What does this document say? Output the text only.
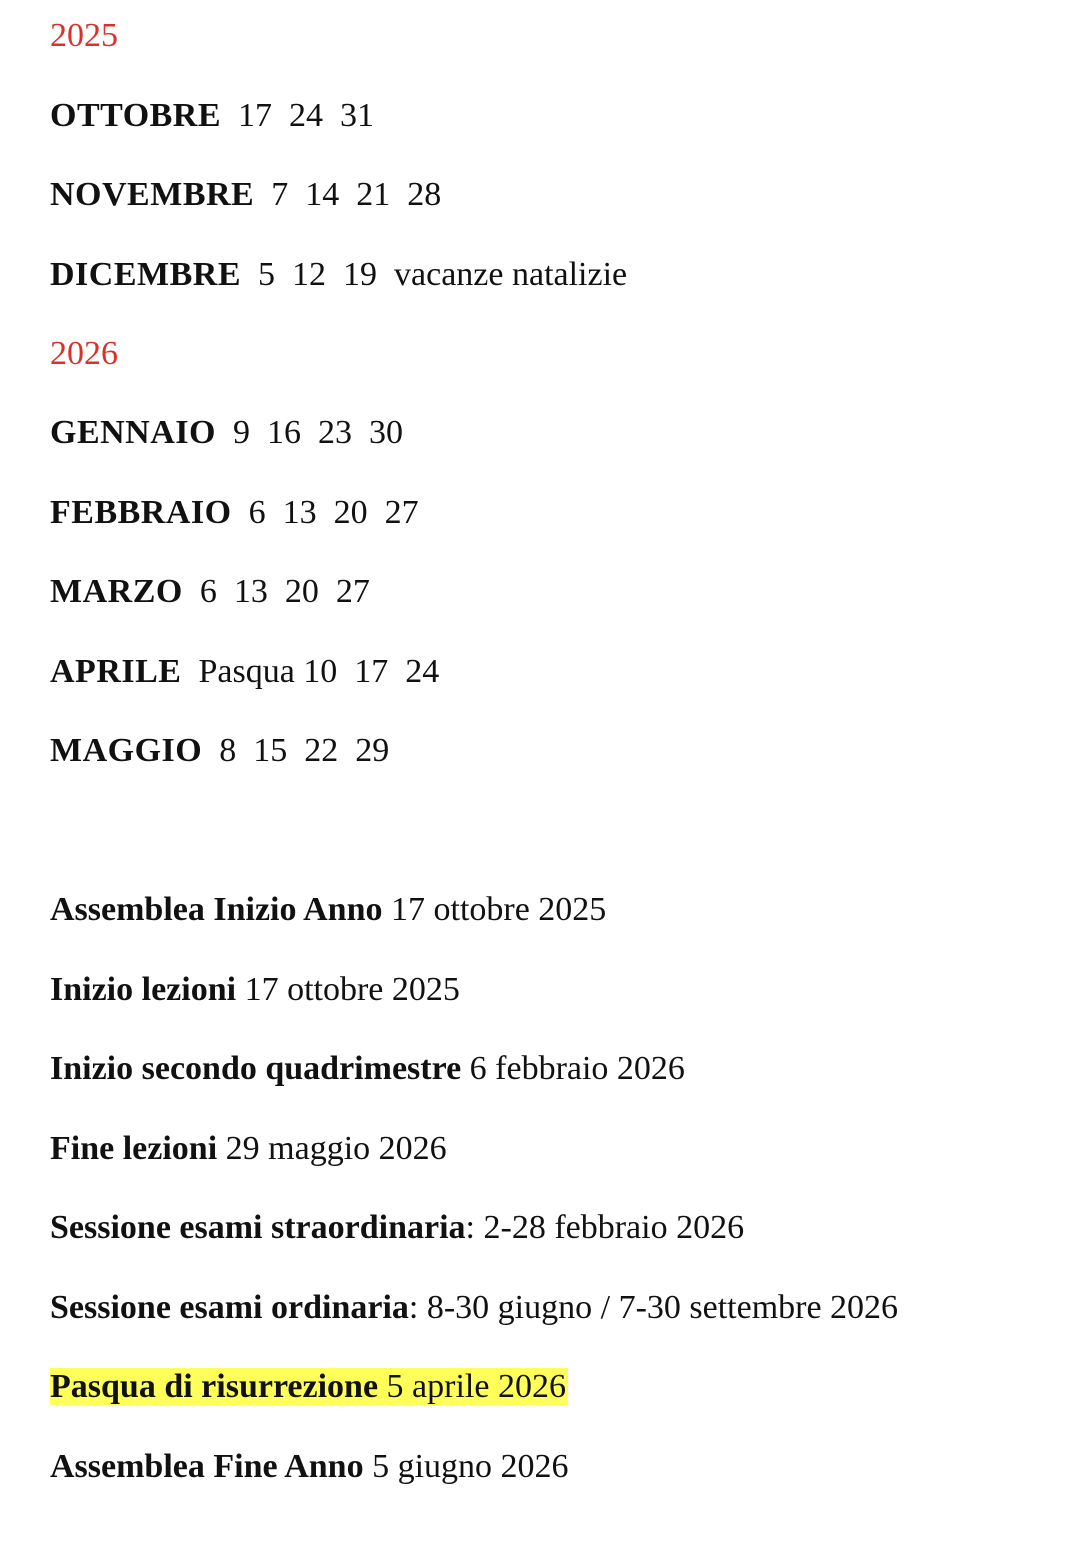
2025
OTTOBRE  17  24  31
NOVEMBRE  7  14  21  28
DICEMBRE  5  12  19  vacanze natalizie
2026
GENNAIO  9  16  23  30
FEBBRAIO  6  13  20  27
MARZO  6  13  20  27
APRILE  Pasqua 10  17  24
MAGGIO  8  15  22  29
Assemblea Inizio Anno 17 ottobre 2025
Inizio lezioni 17 ottobre 2025
Inizio secondo quadrimestre 6 febbraio 2026
Fine lezioni 29 maggio 2026
Sessione esami straordinaria: 2-28 febbraio 2026
Sessione esami ordinaria: 8-30 giugno / 7-30 settembre 2026
Pasqua di risurrezione 5 aprile 2026
Assemblea Fine Anno 5 giugno 2026
